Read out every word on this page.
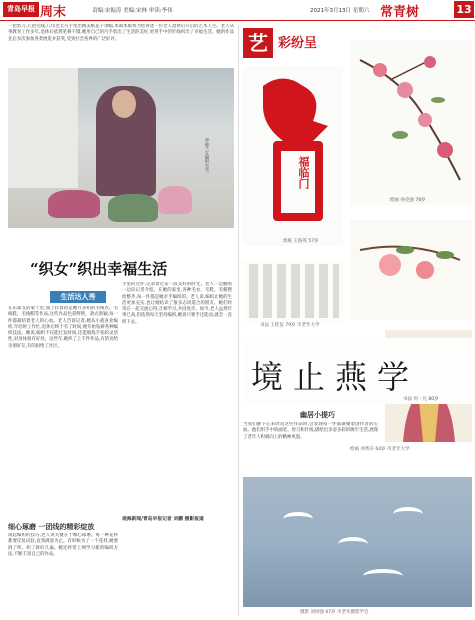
青岛早报 周末	责编:宋振涛 美编:宋林 审读:李伟	2021年3月13日 星期六 常青树	13
一把剪刀,几团毛线,八旬老太巧手变出精美纸花千余幅,本期本版将为您讲述一位老人退休后开启的艺术人生。老人从事教育工作多年,退休后依然笔耕不辍,她用自己的巧手剪出了生活的美好,更用手中的针线织出了幸福生活。她的作品先后多次参加各类展览并获奖,受到社会各界的广泛好评。
李静兰在编织毛衣。
“织女”织出幸福生活
生活达人秀
在东部支的家宁里,墙上挂着的是她许多织的毛线衣、毛线鞋、毛线帽等作品,这些作品色彩鲜艳、款式新颖,每一件都凝结着老人的心血。老人告诉记者,她从小就喜欢编织,年轻时工作忙,退休后终于有了时间,便开始钻研各种编织技法。她说,编织不仅能打发时间,还能锻炼手指的灵活性,对身体很有好处。这些年,她织了上千件作品,有的送给亲朋好友,有的捐给了社区。
细心琢磨 一团线的精彩绽放
谈起编织的技巧,老人说关键在于细心琢磨。每一种花样都要反复试验,直到满意为止。有时候为了一个花样,她要拆了织、织了拆好几遍。她还经常上网学习新的编织方法,不断丰富自己的作品。
手里的这件,记录着过去一段美好的时光。老人一边翻看一边向记者介绍。在她的家里,各种毛衣、毛鞋、毛帽摆放整齐,每一件都是她亲手编织的。老人说,编织让她的生活更加充实,也让她结识了很多志同道合的朋友。她们经常在一起交流心得,互相学习,共同进步。如今,老人虽然年事已高,但依然每天坚持编织,她说只要手还能动,就会一直织下去。
观海新闻/青岛早报记者 刘鹏 摄影报道
艺 彩纷呈
福临门
剪纸 王海英 57岁
绘画 孙克强 78岁
书法 王桂征 79岁 市老年大学
绘画 刘秀芬 64岁 市老年大学
境止燕学
书法 何一凡 80岁
幽居小提巧
当我们静下心来欣赏这些作品时,会发现每一件都凝聚着创作者的心血。他们用手中的画笔、剪刀和针线,描绘出多姿多彩的晚年生活,展现了老年人积极向上的精神风貌。
摄影 刘同强 67岁 市老年摄影学会
